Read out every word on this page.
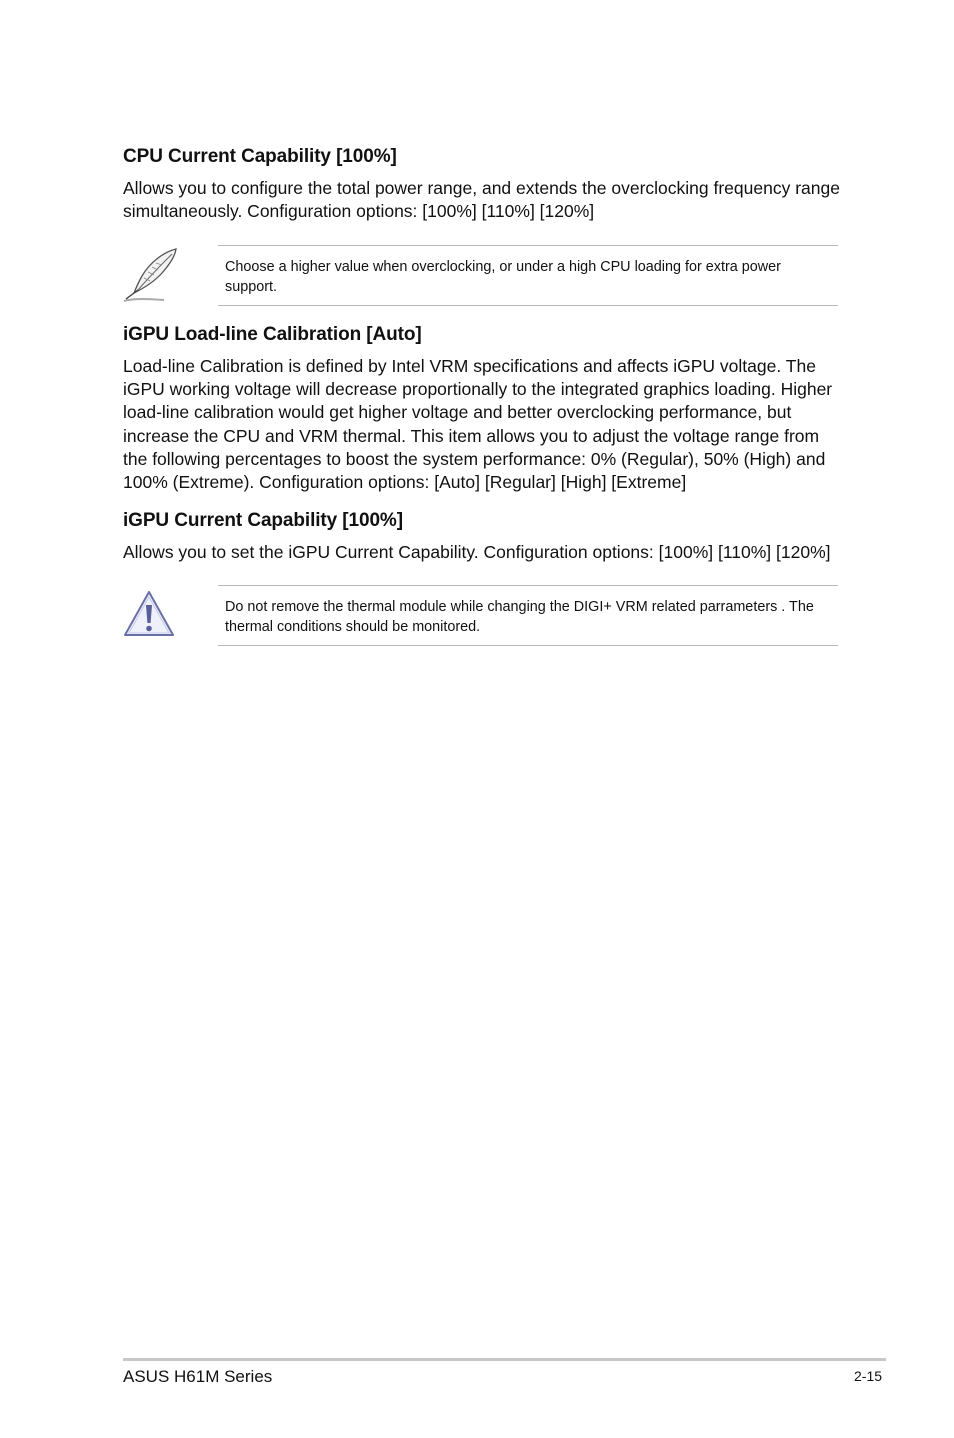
CPU Current Capability [100%]

Allows you to configure the total power range, and extends the overclocking frequency range simultaneously. Configuration options: [100%] [110%] [120%]

Choose a higher value when overclocking, or under a high CPU loading for extra power support.

iGPU Load-line Calibration [Auto]

Load-line Calibration is defined by Intel VRM specifications and affects iGPU voltage. The iGPU working voltage will decrease proportionally to the integrated graphics loading. Higher load-line calibration would get higher voltage and better overclocking performance, but increase the CPU and VRM thermal. This item allows you to adjust the voltage range from the following percentages to boost the system performance: 0% (Regular), 50% (High) and 100% (Extreme). Configuration options: [Auto] [Regular] [High] [Extreme]

iGPU Current Capability [100%]

Allows you to set the iGPU Current Capability. Configuration options: [100%] [110%] [120%]

Do not remove the thermal module while changing the DIGI+ VRM related parrameters . The thermal conditions should be monitored.

ASUS H61M Series	2-15
